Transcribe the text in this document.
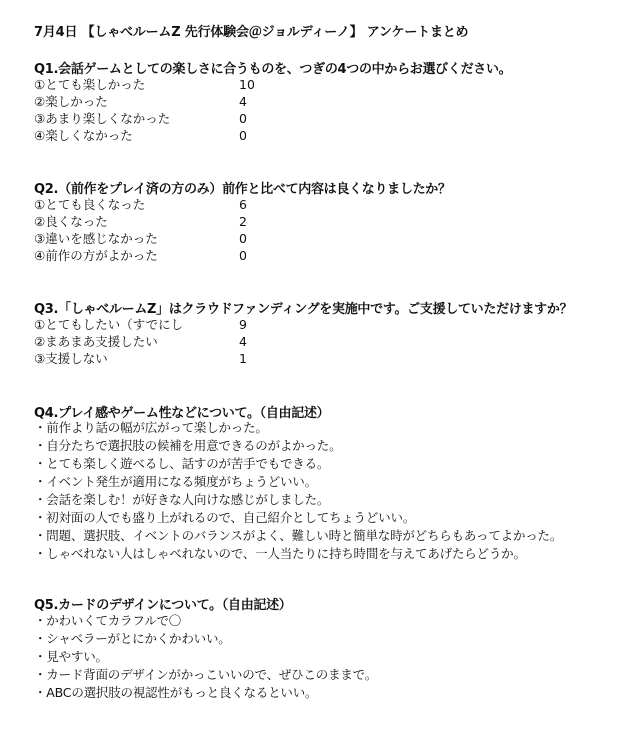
7月4日 【しゃべルームZ 先行体験会＠ジョルディーノ】 アンケートまとめ
Q1.会話ゲームとしての楽しさに合うものを、つぎの4つの中からお選びください。
①とても楽しかった	10
②楽しかった	4
③あまり楽しくなかった	0
④楽しくなかった	0
Q2.（前作をプレイ済の方のみ）前作と比べて内容は良くなりましたか？
①とても良くなった	6
②良くなった	2
③違いを感じなかった	0
④前作の方がよかった	0
Q3.「しゃべルームZ」はクラウドファンディングを実施中です。ご支援していただけますか？
①とてもしたい（すでにし	9
②まあまあ支援したい	4
③支援しない	1
Q4.プレイ感やゲーム性などについて。（自由記述）
・前作より話の幅が広がって楽しかった。
・自分たちで選択肢の候補を用意できるのがよかった。
・とても楽しく遊べるし、話すのが苦手でもできる。
・イベント発生が適用になる頻度がちょうどいい。
・会話を楽しむ！が好きな人向けな感じがしました。
・初対面の人でも盛り上がれるので、自己紹介としてちょうどいい。
・問題、選択肢、イベントのバランスがよく、難しい時と簡単な時がどちらもあってよかった。
・しゃべれない人はしゃべれないので、一人当たりに持ち時間を与えてあげたらどうか。
Q5.カードのデザインについて。（自由記述）
・かわいくてカラフルで〇
・シャベラーがとにかくかわいい。
・見やすい。
・カード背面のデザインがかっこいいので、ぜひこのままで。
・ABCの選択肢の視認性がもっと良くなるといい。
